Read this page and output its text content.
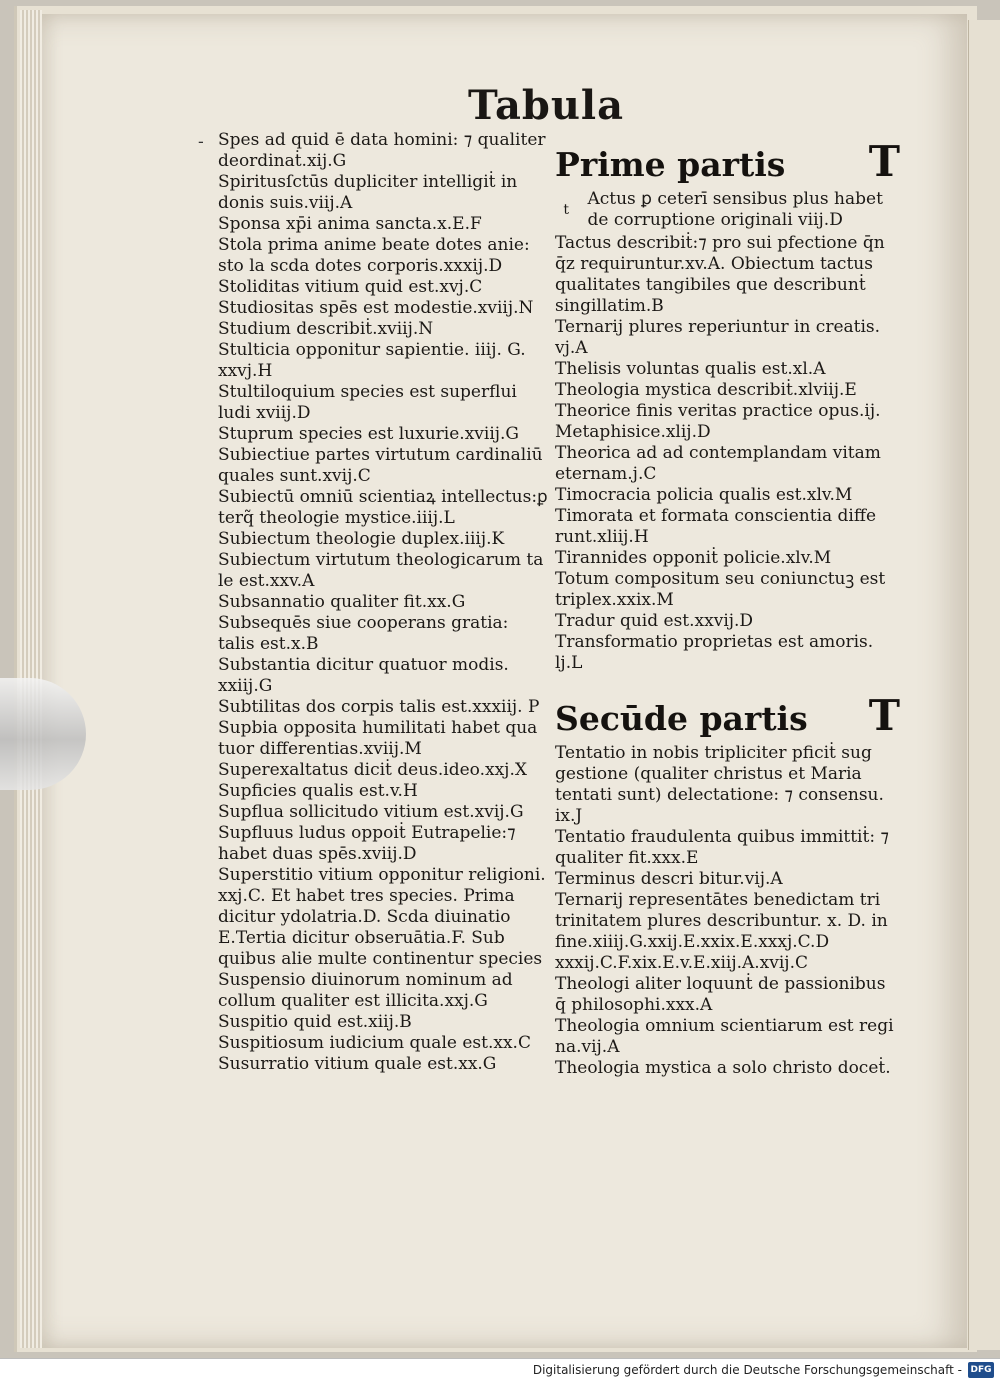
Tabula
- Spes ad quid ē data homini: ⁊ qualiter deordinaṫ.xij.G

Spiritusſctūs dupliciter intelligiṫ in donis suis.viij.A

Sponsa xp̄i anima sancta.x.E.F

Stola prima anime beate dotes anie: sto la scda dotes corporis.xxxij.D

Stoliditas vitium quid est.xvj.C

Studiositas spēs est modestie.xviij.N

Studium describiṫ.xviij.N

Stulticia opponitur sapientie. iiij. G. xxvj.H

Stultiloquium species est superflui ludi xviij.D

Stuprum species est luxurie.xviij.G

Subiectiue partes virtutum cardinaliū quales sunt.xvij.C

Subiectū omniū scientiaꝝ intellectus:ꝑ terq̃ theologie mystice.iiij.L

Subiectum theologie duplex.iiij.K

Subiectum virtutum theologicarum ta le est.xxv.A

Subsannatio qualiter fit.xx.G

Subsequēs siue cooperans gratia: talis est.x.B

Substantia dicitur quatuor modis. xxiij.G

Subtilitas dos corpis talis est.xxxiij. P

Supbia opposita humilitati habet qua tuor differentias.xviij.M

Superexaltatus diciṫ deus.ideo.xxj.X

Supficies qualis est.v.H

Supflua sollicitudo vitium est.xvij.G

Supfluus ludus oppoiṫ Eutrapelie:⁊ habet duas spēs.xviij.D

Superstitio vitium opponitur religioni. xxj.C. Et habet tres species. Prima dicitur ydolatria.D. Scda diuinatio E.Tertia dicitur obseruātia.F. Sub quibus alie multe continentur species

Suspensio diuinorum nominum ad collum qualiter est illicita.xxj.G

Suspitio quid est.xiij.B

Suspitiosum iudicium quale est.xx.C

Susurratio vitium quale est.xx.G

Prime partis T
t
Actus ꝑ ceterī sensibus plus habet de corruptione originali viij.D

Tactus describiṫ:⁊ pro sui pfectione q̄n q̄z requiruntur.xv.A. Obiectum tactus qualitates tangibiles que describunṫ singillatim.B

Ternarij plures reperiuntur in creatis. vj.A

Thelisis voluntas qualis est.xl.A

Theologia mystica describiṫ.xlviij.E

Theorice finis veritas practice opus.ij. Metaphisice.xlij.D

Theorica ad ad contemplandam vitam eternam.j.C

Timocracia policia qualis est.xlv.M

Timorata et formata conscientia diffe runt.xliij.H

Tirannides opponiṫ policie.xlv.M

Totum compositum seu coniunctuꝫ est triplex.xxix.M

Tradur quid est.xxvij.D

Transformatio proprietas est amoris. lj.L

Secūde partis T

Tentatio in nobis tripliciter pficiṫ sug gestione (qualiter christus et Maria tentati sunt) delectatione: ⁊ consensu. ix.J

Tentatio fraudulenta quibus immittiṫ: ⁊ qualiter fit.xxx.E

Terminus descri bitur.vij.A

Ternarij representātes benedictam tri trinitatem plures describuntur. x. D. in fine.xiiij.G.xxij.E.xxix.E.xxxj.C.D xxxij.C.F.xix.E.v.E.xiij.A.xvij.C

Theologi aliter loquunṫ de passionibus q̄ philosophi.xxx.A

Theologia omnium scientiarum est regi na.vij.A

Theologia mystica a solo christo doceṫ.

Digitalisierung gefördert durch die Deutsche Forschungsgemeinschaft - DFG
